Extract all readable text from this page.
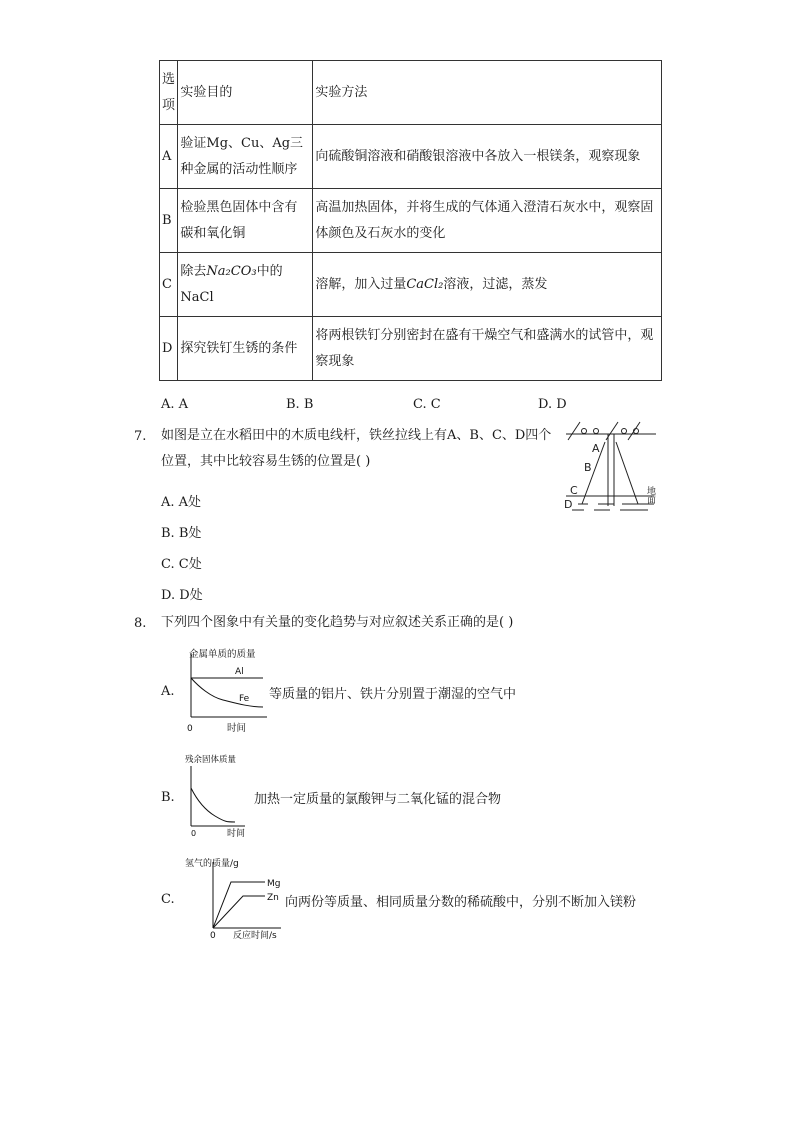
选项	实验目的	实验方法
A	验证Mg、Cu、Ag三种金属的活动性顺序	向硫酸铜溶液和硝酸银溶液中各放入一根镁条，观察现象
B	检验黑色固体中含有碳和氧化铜	高温加热固体，并将生成的气体通入澄清石灰水中，观察固体颜色及石灰水的变化
C	除去Na₂CO₃中的NaCl	溶解，加入过量CaCl₂溶液，过滤，蒸发
D	探究铁钉生锈的条件	将两根铁钉分别密封在盛有干燥空气和盛满水的试管中，观察现象
A. A	B. B	C. C	D. D
7. 如图是立在水稻田中的木质电线杆，铁丝拉线上有A、B、C、D四个位置，其中比较容易生锈的位置是( )
A. A处
B. B处
C. C处
D. D处
A
B
C
D
地面
8. 下列四个图象中有关量的变化趋势与对应叙述关系正确的是( )
A.
金属单质的质量
Al
Fe
0	时间
等质量的铝片、铁片分别置于潮湿的空气中
B.
残余固体质量
0	时间
加热一定质量的氯酸钾与二氧化锰的混合物
C.
氢气的质量/g
Mg
Zn
0 反应时间/s
向两份等质量、相同质量分数的稀硫酸中，分别不断加入镁粉
